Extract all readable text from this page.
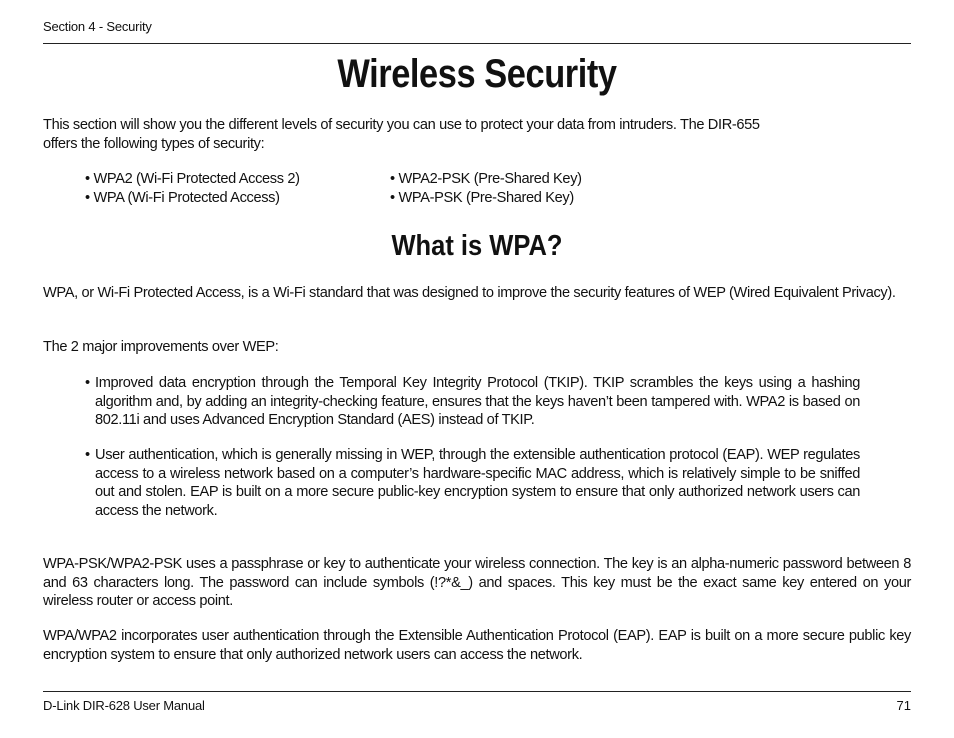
Section 4 - Security
Wireless Security

This section will show you the different levels of security you can use to protect your data from intruders. The DIR-655 offers the following types of security:

• WPA2 (Wi-Fi Protected Access 2)
• WPA (Wi-Fi Protected Access)
• WPA2-PSK (Pre-Shared Key)
• WPA-PSK (Pre-Shared Key)
What is WPA?

WPA, or Wi-Fi Protected Access, is a Wi-Fi standard that was designed to improve the security features of WEP (Wired Equivalent Privacy).

The 2 major improvements over WEP:

• Improved data encryption through the Temporal Key Integrity Protocol (TKIP). TKIP scrambles the keys using a hashing algorithm and, by adding an integrity-checking feature, ensures that the keys haven’t been tampered with. WPA2 is based on 802.11i and uses Advanced Encryption Standard (AES) instead of TKIP.
• User authentication, which is generally missing in WEP, through the extensible authentication protocol (EAP). WEP regulates access to a wireless network based on a computer’s hardware-specific MAC address, which is relatively simple to be sniffed out and stolen. EAP is built on a more secure public-key encryption system to ensure that only authorized network users can access the network.

WPA-PSK/WPA2-PSK uses a passphrase or key to authenticate your wireless connection. The key is an alpha-numeric password between 8 and 63 characters long. The password can include symbols (!?*&_) and spaces. This key must be the exact same key entered on your wireless router or access point.

WPA/WPA2 incorporates user authentication through the Extensible Authentication Protocol (EAP). EAP is built on a more secure public key encryption system to ensure that only authorized network users can access the network.

D-Link DIR-628 User Manual	71
